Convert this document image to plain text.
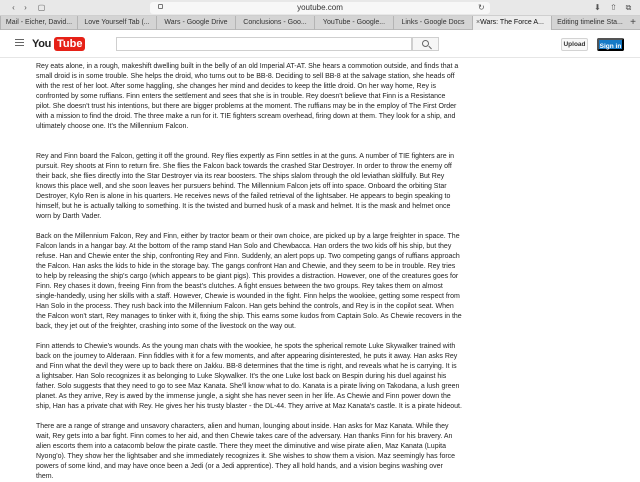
‹	›	▢	youtube.com	↻	⬇ ⇧	⧉
Mail - Eicher, David...	Love Yourself Tab (...	Wars - Google Drive	Conclusions - Goo...	YouTube - Google...	Links - Google Docs	× Wars: The Force A...	Editing timeline Sta... +
You Tube	Upload	Sign in

Rey eats alone, in a rough, makeshift dwelling built in the belly of an old Imperial AT-AT. She hears a commotion outside, and finds that a small droid is in some trouble. She helps the droid, who turns out to be BB-8. Deciding to sell BB-8 at the salvage station, she heads off with the rest of her loot. After some haggling, she changes her mind and decides to keep the little droid. On her way home, Rey is confronted by some ruffians. Finn enters the settlement and sees that she is in trouble. Rey doesn't believe that Finn is a Resistance pilot. She doesn't trust his intentions, but there are bigger problems at the moment. The ruffians may be in the employ of The First Order with a mission to find the droid. The three make a run for it. TIE fighters scream overhead, firing down at them. They look for a ship, and ultimately choose one. It's the Millennium Falcon.

Rey and Finn board the Falcon, getting it off the ground. Rey flies expertly as Finn settles in at the guns. A number of TIE fighters are in pursuit. Rey shoots at Finn to return fire. She flies the Falcon back towards the crashed Star Destroyer. In order to throw the enemy off their back, she flies directly into the Star Destroyer via its rear boosters. The ships slalom through the old leviathan skillfully. But Rey knows this place well, and she soon leaves her pursuers behind. The Millennium Falcon jets off into space. Onboard the orbiting Star Destroyer, Kylo Ren is alone in his quarters. He receives news of the failed retrieval of the lightsaber. He appears to begin speaking to himself, but he is actually talking to something. It is the twisted and burned husk of a mask and helmet. It is the mask and helmet once worn by Darth Vader.

Back on the Millennium Falcon, Rey and Finn, either by tractor beam or their own choice, are picked up by a large freighter in space. The Falcon lands in a hangar bay. At the bottom of the ramp stand Han Solo and Chewbacca. Han orders the two kids off his ship, but they refuse. Han and Chewie enter the ship, confronting Rey and Finn. Suddenly, an alert pops up. Two competing gangs of ruffians approach the Falcon. Han asks the kids to hide in the storage bay. The gangs confront Han and Chewie, and they seem to be in trouble. Rey tries to help by releasing the ship's cargo (which appears to be giant pigs). This provides a distraction. However, one of the creatures goes for Finn. Rey chases it down, freeing Finn from the beast's clutches. A fight ensues between the two groups. Rey takes them on almost single-handedly, using her skills with a staff. However, Chewie is wounded in the fight. Finn helps the wookiee, getting some respect from Han Solo in the process. They rush back into the Millennium Falcon. Han gets behind the controls, and Rey is in the copilot seat. When the Falcon won't start, Rey manages to tinker with it, fixing the ship. This earns some kudos from Captain Solo. As Chewie recovers in the back, they jet out of the freighter, crashing into some of the livestock on the way out.

Finn attends to Chewie's wounds. As the young man chats with the wookiee, he spots the spherical remote Luke Skywalker trained with back on the journey to Alderaan. Finn fiddles with it for a few moments, and after appearing disinterested, he puts it away. Han asks Rey and Finn what the devil they were up to back there on Jakku. BB-8 determines that the time is right, and reveals what he is carrying. It is a lightsaber. Han Solo recognizes it as belonging to Luke Skywalker. It's the one Luke lost back on Bespin during his duel against his father. Solo suggests that they need to go to see Maz Kanata. She'll know what to do. Kanata is a pirate living on Takodana, a lush green planet. As they arrive, Rey is awed by the immense jungle, a sight she has never seen in her life. As Chewie and Finn power down the ship, Han has a private chat with Rey. He gives her his trusty blaster - the DL-44. They arrive at Maz Kanata's castle. It is a pirate hideout.

There are a range of strange and unsavory characters, alien and human, lounging about inside. Han asks for Maz Kanata. While they wait, Rey gets into a bar fight. Finn comes to her aid, and then Chewie takes care of the adversary. Han thanks Finn for his bravery. An alien escorts them into a catacomb below the pirate castle. There they meet the diminutive and wise pirate alien, Maz Kanata (Lupita Nyong'o). They show her the lightsaber and she immediately recognizes it. She wishes to show them a vision. Maz seemingly has force powers of some kind, and may have once been a Jedi (or a Jedi apprentice). They all hold hands, and a vision begins washing over them.
